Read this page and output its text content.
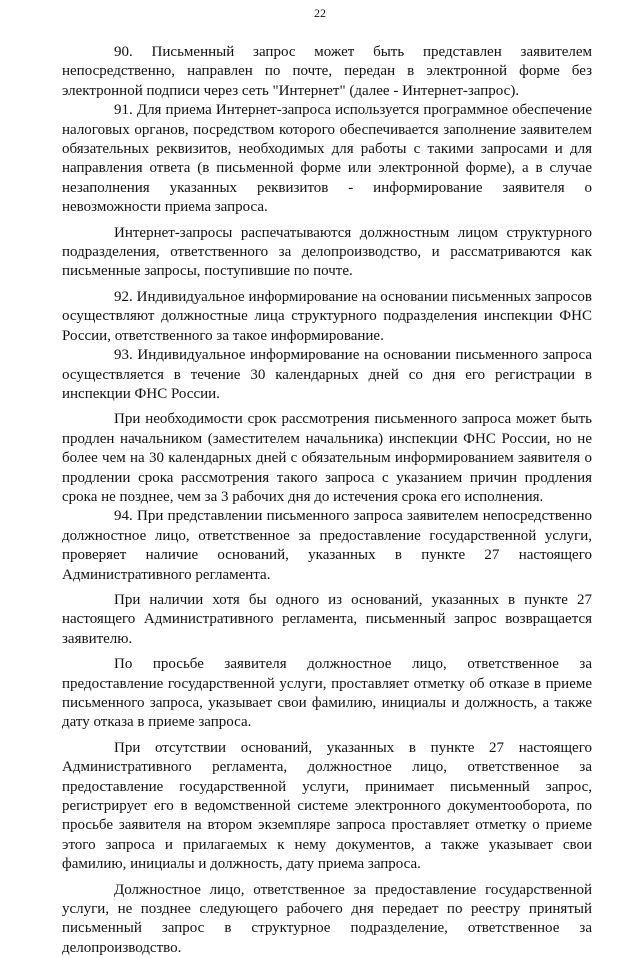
22

90. Письменный запрос может быть представлен заявителем непосредственно, направлен по почте, передан в электронной форме без электронной подписи через сеть "Интернет" (далее - Интернет-запрос).

91. Для приема Интернет-запроса используется программное обеспечение налоговых органов, посредством которого обеспечивается заполнение заявителем обязательных реквизитов, необходимых для работы с такими запросами и для направления ответа (в письменной форме или электронной форме), а в случае незаполнения указанных реквизитов - информирование заявителя о невозможности приема запроса.

Интернет-запросы распечатываются должностным лицом структурного подразделения, ответственного за делопроизводство, и рассматриваются как письменные запросы, поступившие по почте.

92. Индивидуальное информирование на основании письменных запросов осуществляют должностные лица структурного подразделения инспекции ФНС России, ответственного за такое информирование.

93. Индивидуальное информирование на основании письменного запроса осуществляется в течение 30 календарных дней со дня его регистрации в инспекции ФНС России.

При необходимости срок рассмотрения письменного запроса может быть продлен начальником (заместителем начальника) инспекции ФНС России, но не более чем на 30 календарных дней с обязательным информированием заявителя о продлении срока рассмотрения такого запроса с указанием причин продления срока не позднее, чем за 3 рабочих дня до истечения срока его исполнения.

94. При представлении письменного запроса заявителем непосредственно должностное лицо, ответственное за предоставление государственной услуги, проверяет наличие оснований, указанных в пункте 27 настоящего Административного регламента.

При наличии хотя бы одного из оснований, указанных в пункте 27 настоящего Административного регламента, письменный запрос возвращается заявителю.

По просьбе заявителя должностное лицо, ответственное за предоставление государственной услуги, проставляет отметку об отказе в приеме письменного запроса, указывает свои фамилию, инициалы и должность, а также дату отказа в приеме запроса.

При отсутствии оснований, указанных в пункте 27 настоящего Административного регламента, должностное лицо, ответственное за предоставление государственной услуги, принимает письменный запрос, регистрирует его в ведомственной системе электронного документооборота, по просьбе заявителя на втором экземпляре запроса проставляет отметку о приеме этого запроса и прилагаемых к нему документов, а также указывает свои фамилию, инициалы и должность, дату приема запроса.

Должностное лицо, ответственное за предоставление государственной услуги, не позднее следующего рабочего дня передает по реестру принятый письменный запрос в структурное подразделение, ответственное за делопроизводство.
